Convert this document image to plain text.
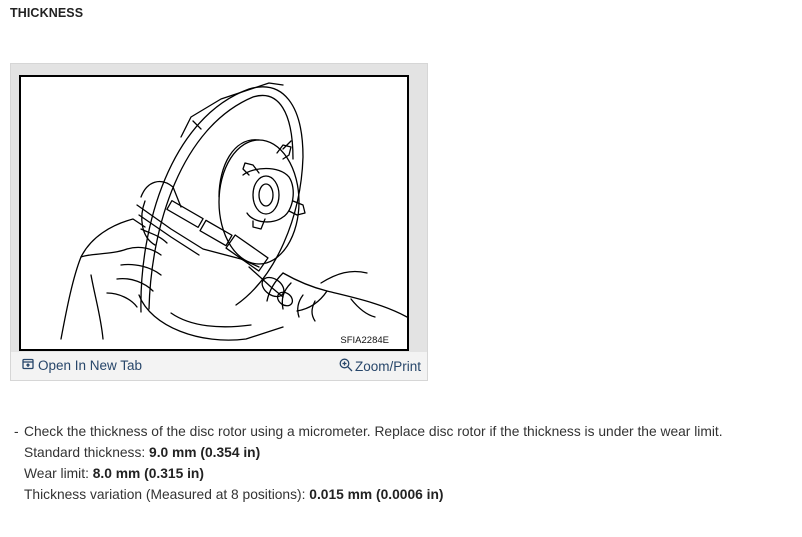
THICKNESS
SFIA2284E
Open In New Tab	Zoom/Print
- Check the thickness of the disc rotor using a micrometer. Replace disc rotor if the thickness is under the wear limit.
Standard thickness: 9.0 mm (0.354 in)
Wear limit: 8.0 mm (0.315 in)
Thickness variation (Measured at 8 positions): 0.015 mm (0.0006 in)
